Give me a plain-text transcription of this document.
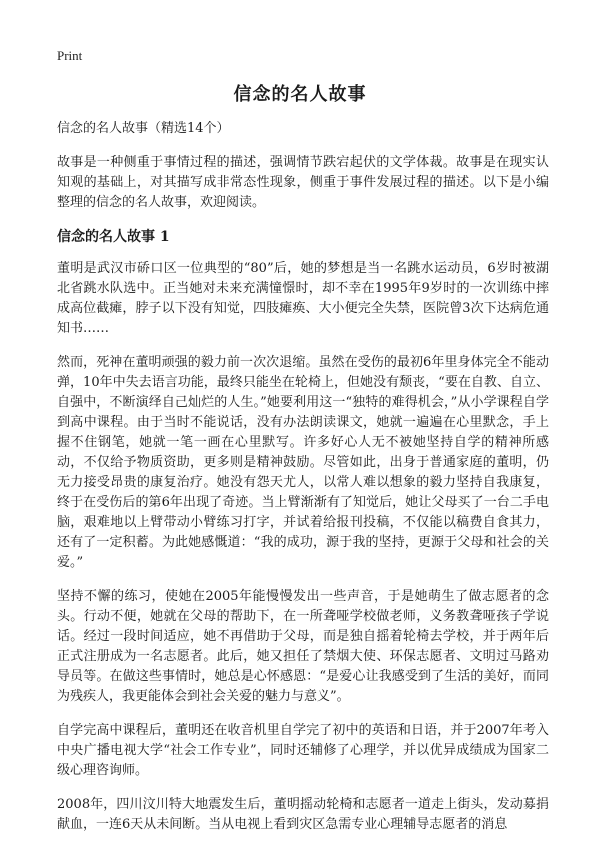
Print
信念的名人故事

信念的名人故事（精选14个）

故事是一种侧重于事情过程的描述，强调情节跌宕起伏的文学体裁。故事是在现实认知观的基础上，对其描写成非常态性现象，侧重于事件发展过程的描述。以下是小编整理的信念的名人故事，欢迎阅读。

信念的名人故事 1

董明是武汉市硚口区一位典型的“80”后，她的梦想是当一名跳水运动员，6岁时被湖北省跳水队选中。正当她对未来充满憧憬时，却不幸在1995年9岁时的一次训练中摔成高位截瘫，脖子以下没有知觉，四肢瘫痪、大小便完全失禁，医院曾3次下达病危通知书……

然而，死神在董明顽强的毅力前一次次退缩。虽然在受伤的最初6年里身体完全不能动弹，10年中失去语言功能，最终只能坐在轮椅上，但她没有颓丧，“要在自教、自立、自强中，不断演绎自己灿烂的人生。”她要利用这一“独特的难得机会，”从小学课程自学到高中课程。由于当时不能说话，没有办法朗读课文，她就一遍遍在心里默念，手上握不住钢笔，她就一笔一画在心里默写。许多好心人无不被她坚持自学的精神所感动，不仅给予物质资助，更多则是精神鼓励。尽管如此，出身于普通家庭的董明，仍无力接受昂贵的康复治疗。她没有怨天尤人，以常人难以想象的毅力坚持自我康复，终于在受伤后的第6年出现了奇迹。当上臂渐渐有了知觉后，她让父母买了一台二手电脑，艰难地以上臂带动小臂练习打字，并试着给报刊投稿，不仅能以稿费自食其力，还有了一定积蓄。为此她感慨道：“我的成功，源于我的坚持，更源于父母和社会的关爱。”

坚持不懈的练习，使她在2005年能慢慢发出一些声音，于是她萌生了做志愿者的念头。行动不便，她就在父母的帮助下，在一所聋哑学校做老师，义务教聋哑孩子学说话。经过一段时间适应，她不再借助于父母，而是独自摇着轮椅去学校，并于两年后正式注册成为一名志愿者。此后，她又担任了禁烟大使、环保志愿者、文明过马路劝导员等。在做这些事情时，她总是心怀感恩：“是爱心让我感受到了生活的美好，而同为残疾人，我更能体会到社会关爱的魅力与意义”。

自学完高中课程后，董明还在收音机里自学完了初中的英语和日语，并于2007年考入中央广播电视大学“社会工作专业”，同时还辅修了心理学，并以优异成绩成为国家二级心理咨询师。

2008年，四川汶川特大地震发生后，董明摇动轮椅和志愿者一道走上街头，发动募捐献血，一连6天从未间断。当从电视上看到灾区急需专业心理辅导志愿者的消息
